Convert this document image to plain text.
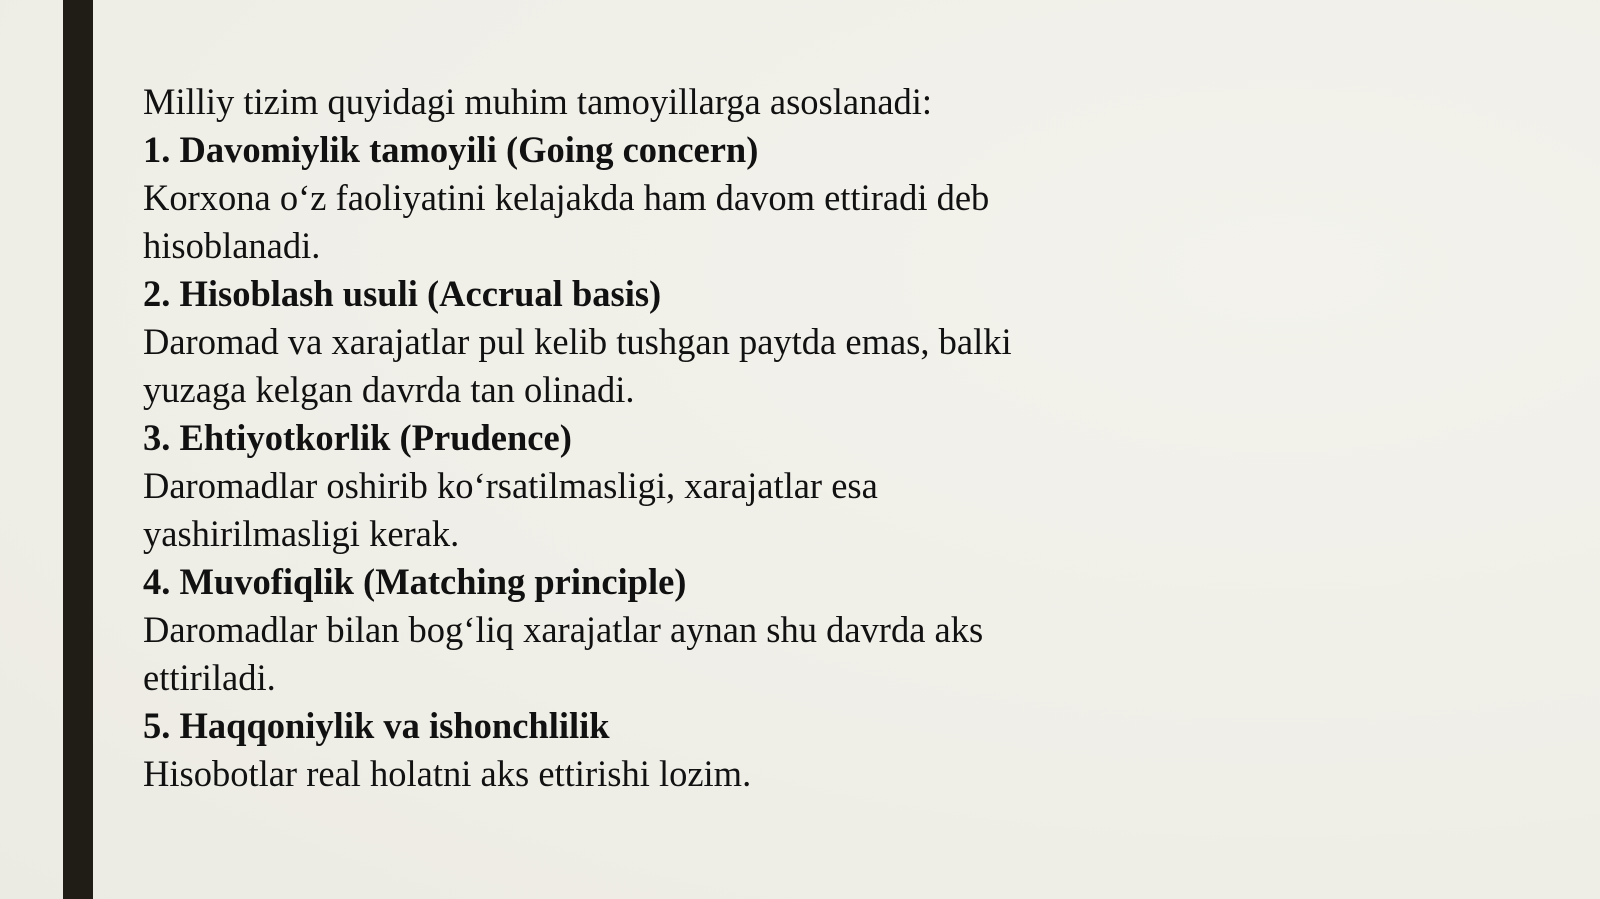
Milliy tizim quyidagi muhim tamoyillarga asoslanadi:

1. Davomiylik tamoyili (Going concern)

Korxona o‘z faoliyatini kelajakda ham davom ettiradi deb hisoblanadi.

2. Hisoblash usuli (Accrual basis)

Daromad va xarajatlar pul kelib tushgan paytda emas, balki yuzaga kelgan davrda tan olinadi.

3. Ehtiyotkorlik (Prudence)

Daromadlar oshirib ko‘rsatilmasligi, xarajatlar esa yashirilmasligi kerak.

4. Muvofiqlik (Matching principle)

Daromadlar bilan bog‘liq xarajatlar aynan shu davrda aks ettiriladi.

5. Haqqoniylik va ishonchlilik

Hisobotlar real holatni aks ettirishi lozim.
